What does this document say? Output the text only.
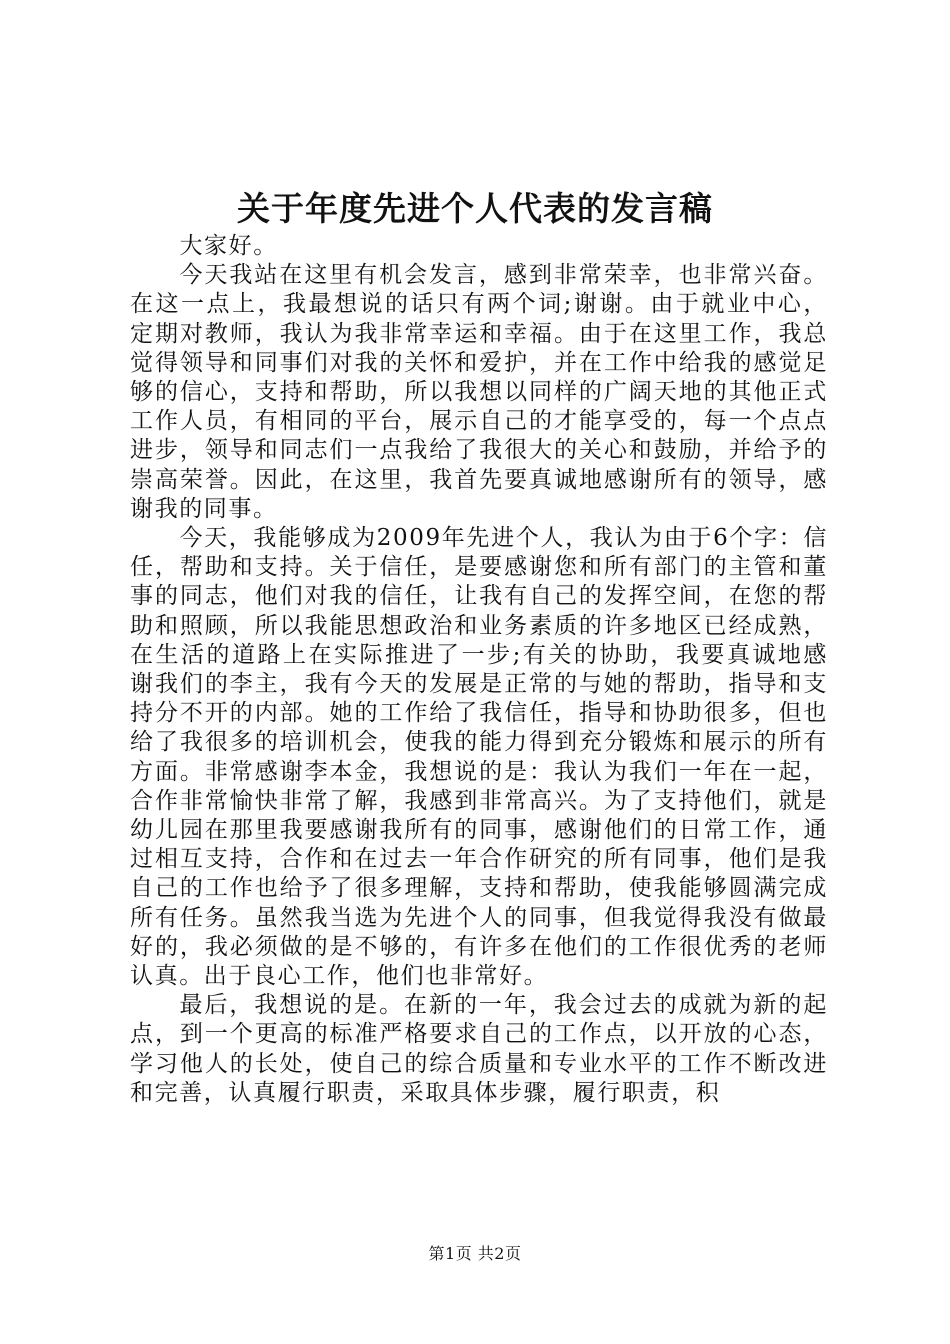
关于年度先进个人代表的发言稿

大家好。

今天我站在这里有机会发言，感到非常荣幸，也非常兴奋。在这一点上，我最想说的话只有两个词;谢谢。由于就业中心，定期对教师，我认为我非常幸运和幸福。由于在这里工作，我总觉得领导和同事们对我的关怀和爱护，并在工作中给我的感觉足够的信心，支持和帮助，所以我想以同样的广阔天地的其他正式工作人员，有相同的平台，展示自己的才能享受的，每一个点点进步，领导和同志们一点我给了我很大的关心和鼓励，并给予的崇高荣誉。因此，在这里，我首先要真诚地感谢所有的领导，感谢我的同事。

今天，我能够成为2009年先进个人，我认为由于6个字：信任，帮助和支持。关于信任，是要感谢您和所有部门的主管和董事的同志，他们对我的信任，让我有自己的发挥空间，在您的帮助和照顾，所以我能思想政治和业务素质的许多地区已经成熟，在生活的道路上在实际推进了一步;有关的协助，我要真诚地感谢我们的李主，我有今天的发展是正常的与她的帮助，指导和支持分不开的内部。她的工作给了我信任，指导和协助很多，但也给了我很多的培训机会，使我的能力得到充分锻炼和展示的所有方面。非常感谢李本金，我想说的是：我认为我们一年在一起，合作非常愉快非常了解，我感到非常高兴。为了支持他们，就是幼儿园在那里我要感谢我所有的同事，感谢他们的日常工作，通过相互支持，合作和在过去一年合作研究的所有同事，他们是我自己的工作也给予了很多理解，支持和帮助，使我能够圆满完成所有任务。虽然我当选为先进个人的同事，但我觉得我没有做最好的，我必须做的是不够的，有许多在他们的工作很优秀的老师认真。出于良心工作，他们也非常好。

最后，我想说的是。在新的一年，我会过去的成就为新的起点，到一个更高的标准严格要求自己的工作点，以开放的心态，学习他人的长处，使自己的综合质量和专业水平的工作不断改进和完善，认真履行职责，采取具体步骤，履行职责，积

第1页 共2页
